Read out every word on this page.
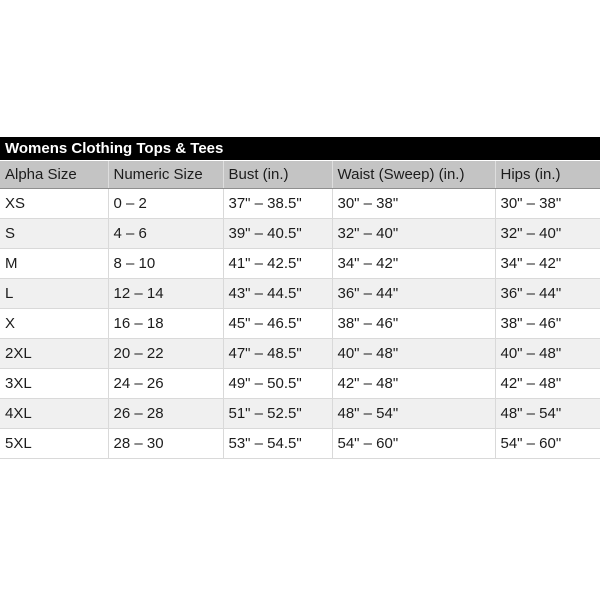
Womens Clothing Tops & Tees
Alpha Size	Numeric Size	Bust (in.)	Waist (Sweep) (in.)	Hips (in.)
XS	0 – 2	37" – 38.5"	30" – 38"	30" – 38"
S	4 – 6	39" – 40.5"	32" – 40"	32" – 40"
M	8 – 10	41" – 42.5"	34" – 42"	34" – 42"
L	12 – 14	43" – 44.5"	36" – 44"	36" – 44"
X	16 – 18	45" – 46.5"	38" – 46"	38" – 46"
2XL	20 – 22	47" – 48.5"	40" – 48"	40" – 48"
3XL	24 – 26	49" – 50.5"	42" – 48"	42" – 48"
4XL	26 – 28	51" – 52.5"	48" – 54"	48" – 54"
5XL	28 – 30	53" – 54.5"	54" – 60"	54" – 60"
